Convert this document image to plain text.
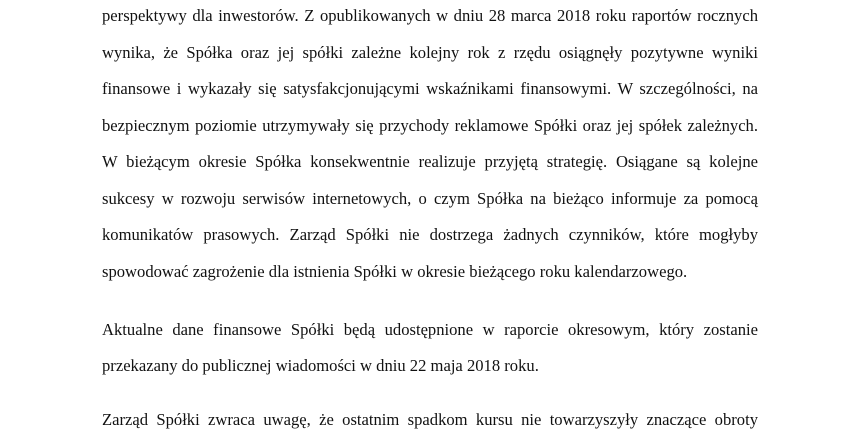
perspektywy dla inwestorów. Z opublikowanych w dniu 28 marca 2018 roku raportów rocznych
wynika, że Spółka oraz jej spółki zależne kolejny rok z rzędu osiągnęły pozytywne wyniki
finansowe i wykazały się satysfakcjonującymi wskaźnikami finansowymi. W szczególności, na
bezpiecznym poziomie utrzymywały się przychody reklamowe Spółki oraz jej spółek zależnych.
W bieżącym okresie Spółka konsekwentnie realizuje przyjętą strategię. Osiągane są kolejne
sukcesy w rozwoju serwisów internetowych, o czym Spółka na bieżąco informuje za pomocą
komunikatów prasowych. Zarząd Spółki nie dostrzega żadnych czynników, które mogłyby
spowodować zagrożenie dla istnienia Spółki w okresie bieżącego roku kalendarzowego.
Aktualne dane finansowe Spółki będą udostępnione w raporcie okresowym, który zostanie
przekazany do publicznej wiadomości w dniu 22 maja 2018 roku.
Zarząd Spółki zwraca uwagę, że ostatnim spadkom kursu nie towarzyszyły znaczące obroty
